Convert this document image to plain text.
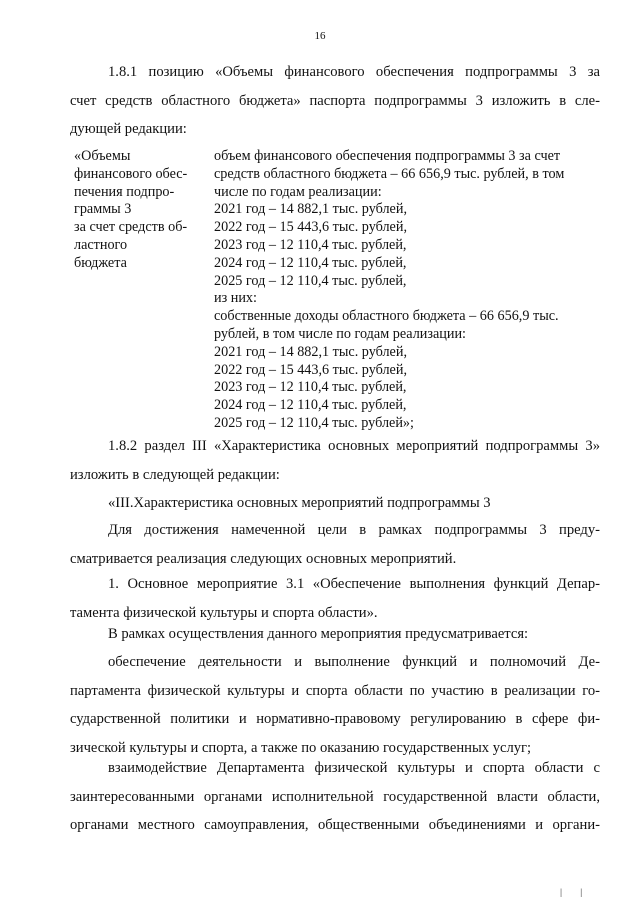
16
1.8.1 позицию «Объемы финансового обеспечения подпрограммы 3 за
счет средств областного бюджета» паспорта подпрограммы 3 изложить в сле-
дующей редакции:
«Объемы
финансового обес-
печения подпро-
граммы 3
за счет средств об-
ластного
бюджета
объем финансового обеспечения подпрограммы 3 за счет
средств областного бюджета – 66 656,9 тыс. рублей, в том
числе по годам реализации:
2021 год – 14 882,1 тыс. рублей,
2022 год – 15 443,6 тыс. рублей,
2023 год – 12 110,4 тыс. рублей,
2024 год – 12 110,4 тыс. рублей,
2025 год – 12 110,4 тыс. рублей,
из них:
собственные доходы областного бюджета – 66 656,9 тыс.
рублей, в том числе по годам реализации:
2021 год – 14 882,1 тыс. рублей,
2022 год – 15 443,6 тыс. рублей,
2023 год – 12 110,4 тыс. рублей,
2024 год – 12 110,4 тыс. рублей,
2025 год – 12 110,4 тыс. рублей»;
1.8.2 раздел III «Характеристика основных мероприятий подпрограммы 3»
изложить в следующей редакции:
«III.Характеристика основных мероприятий подпрограммы 3
Для достижения намеченной цели в рамках подпрограммы 3 преду-
сматривается реализация следующих основных мероприятий.
1. Основное мероприятие 3.1 «Обеспечение выполнения функций Депар-
тамента физической культуры и спорта области».
В рамках осуществления данного мероприятия предусматривается:
обеспечение деятельности и выполнение функций и полномочий Де-
партамента физической культуры и спорта области по участию в реализации го-
сударственной политики и нормативно-правовому регулированию в сфере фи-
зической культуры и спорта, а также по оказанию государственных услуг;
взаимодействие Департамента физической культуры и спорта области с
заинтересованными органами исполнительной государственной власти области,
органами местного самоуправления, общественными объединениями и органи-
| |
